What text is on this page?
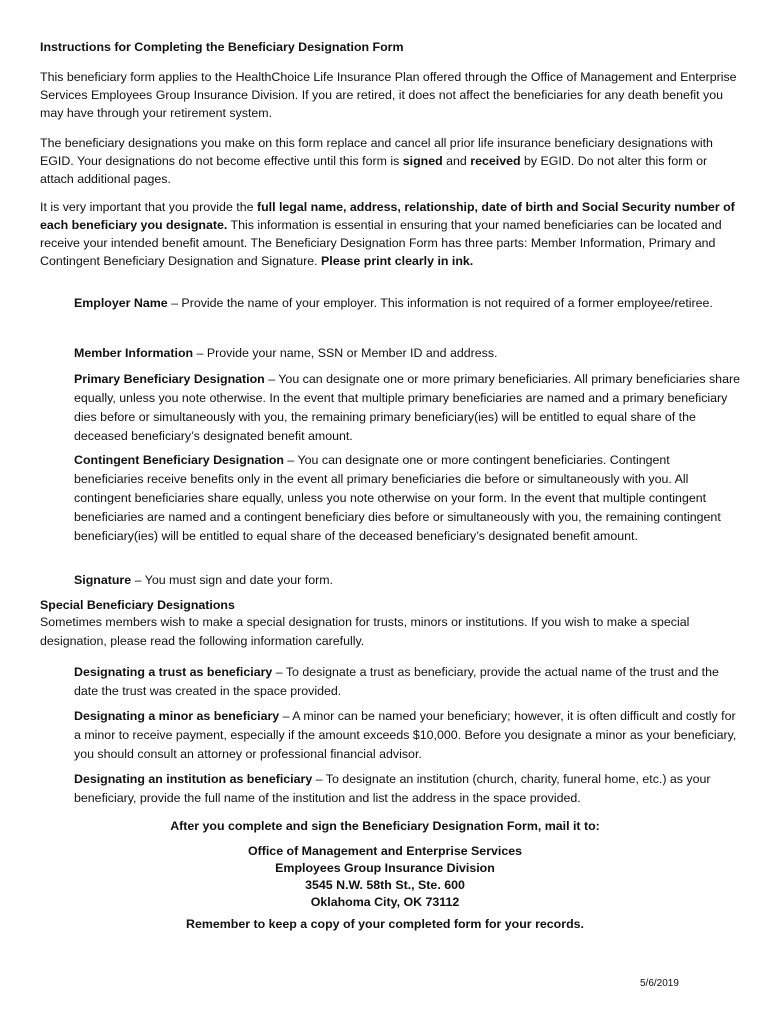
Instructions for Completing the Beneficiary Designation Form

This beneficiary form applies to the HealthChoice Life Insurance Plan offered through the Office of Management and Enterprise Services Employees Group Insurance Division. If you are retired, it does not affect the beneficiaries for any death benefit you may have through your retirement system.

The beneficiary designations you make on this form replace and cancel all prior life insurance beneficiary designations with EGID. Your designations do not become effective until this form is signed and received by EGID. Do not alter this form or attach additional pages.

It is very important that you provide the full legal name, address, relationship, date of birth and Social Security number of each beneficiary you designate. This information is essential in ensuring that your named beneficiaries can be located and receive your intended benefit amount. The Beneficiary Designation Form has three parts: Member Information, Primary and Contingent Beneficiary Designation and Signature. Please print clearly in ink.

Employer Name – Provide the name of your employer. This information is not required of a former employee/retiree.

Member Information – Provide your name, SSN or Member ID and address.

Primary Beneficiary Designation – You can designate one or more primary beneficiaries. All primary beneficiaries share equally, unless you note otherwise. In the event that multiple primary beneficiaries are named and a primary beneficiary dies before or simultaneously with you, the remaining primary beneficiary(ies) will be entitled to equal share of the deceased beneficiary’s designated benefit amount.

Contingent Beneficiary Designation – You can designate one or more contingent beneficiaries. Contingent beneficiaries receive benefits only in the event all primary beneficiaries die before or simultaneously with you. All contingent beneficiaries share equally, unless you note otherwise on your form. In the event that multiple contingent beneficiaries are named and a contingent beneficiary dies before or simultaneously with you, the remaining contingent beneficiary(ies) will be entitled to equal share of the deceased beneficiary’s designated benefit amount.

Signature – You must sign and date your form.

Special Beneficiary Designations

Sometimes members wish to make a special designation for trusts, minors or institutions. If you wish to make a special designation, please read the following information carefully.

Designating a trust as beneficiary – To designate a trust as beneficiary, provide the actual name of the trust and the date the trust was created in the space provided.

Designating a minor as beneficiary – A minor can be named your beneficiary; however, it is often difficult and costly for a minor to receive payment, especially if the amount exceeds $10,000. Before you designate a minor as your beneficiary, you should consult an attorney or professional financial advisor.

Designating an institution as beneficiary – To designate an institution (church, charity, funeral home, etc.) as your beneficiary, provide the full name of the institution and list the address in the space provided.

After you complete and sign the Beneficiary Designation Form, mail it to:

Office of Management and Enterprise Services
Employees Group Insurance Division
3545 N.W. 58th St., Ste. 600
Oklahoma City, OK 73112

Remember to keep a copy of your completed form for your records.

5/6/2019
